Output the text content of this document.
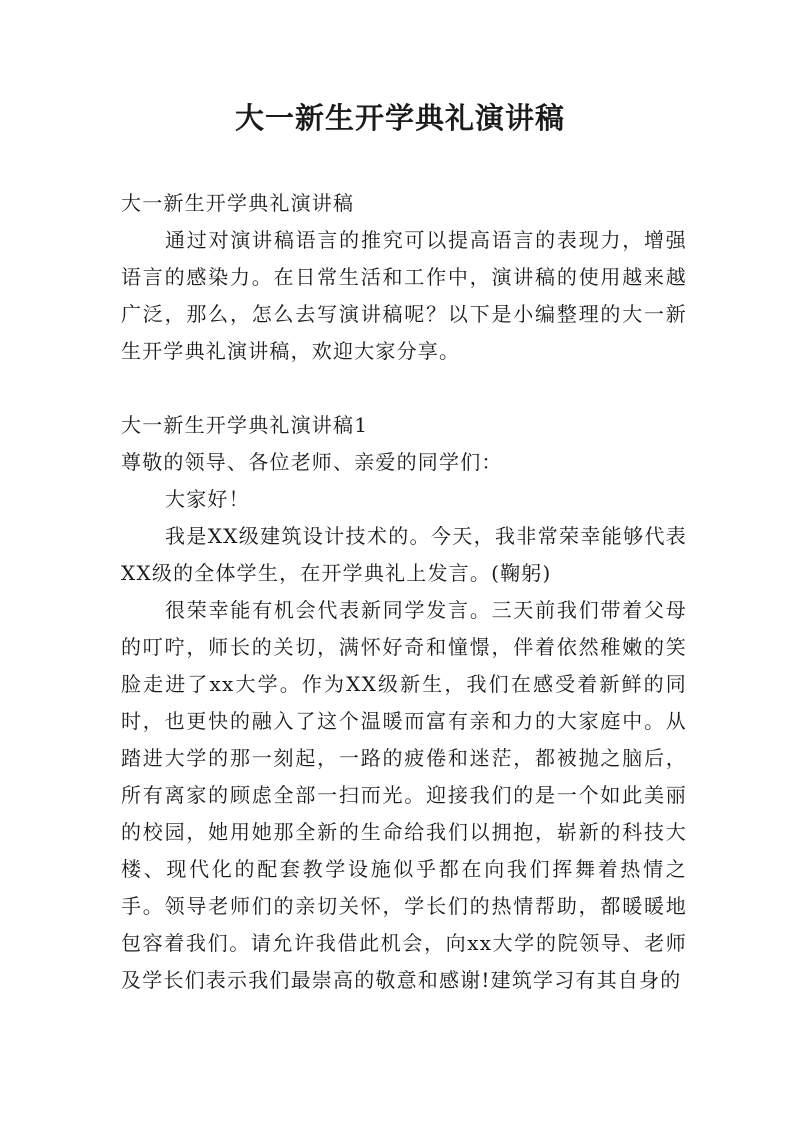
大一新生开学典礼演讲稿

大一新生开学典礼演讲稿

通过对演讲稿语言的推究可以提高语言的表现力，增强语言的感染力。在日常生活和工作中，演讲稿的使用越来越广泛，那么，怎么去写演讲稿呢？以下是小编整理的大一新生开学典礼演讲稿，欢迎大家分享。

大一新生开学典礼演讲稿1

尊敬的领导、各位老师、亲爱的同学们：

大家好！

我是XX级建筑设计技术的。今天，我非常荣幸能够代表XX级的全体学生，在开学典礼上发言。(鞠躬)

很荣幸能有机会代表新同学发言。三天前我们带着父母的叮咛，师长的关切，满怀好奇和憧憬，伴着依然稚嫩的笑脸走进了xx大学。作为XX级新生，我们在感受着新鲜的同时，也更快的融入了这个温暖而富有亲和力的大家庭中。从踏进大学的那一刻起，一路的疲倦和迷茫，都被抛之脑后，所有离家的顾虑全部一扫而光。迎接我们的是一个如此美丽的校园，她用她那全新的生命给我们以拥抱，崭新的科技大楼、现代化的配套教学设施似乎都在向我们挥舞着热情之手。领导老师们的亲切关怀，学长们的热情帮助，都暖暖地包容着我们。请允许我借此机会，向xx大学的院领导、老师及学长们表示我们最崇高的敬意和感谢!建筑学习有其自身的
